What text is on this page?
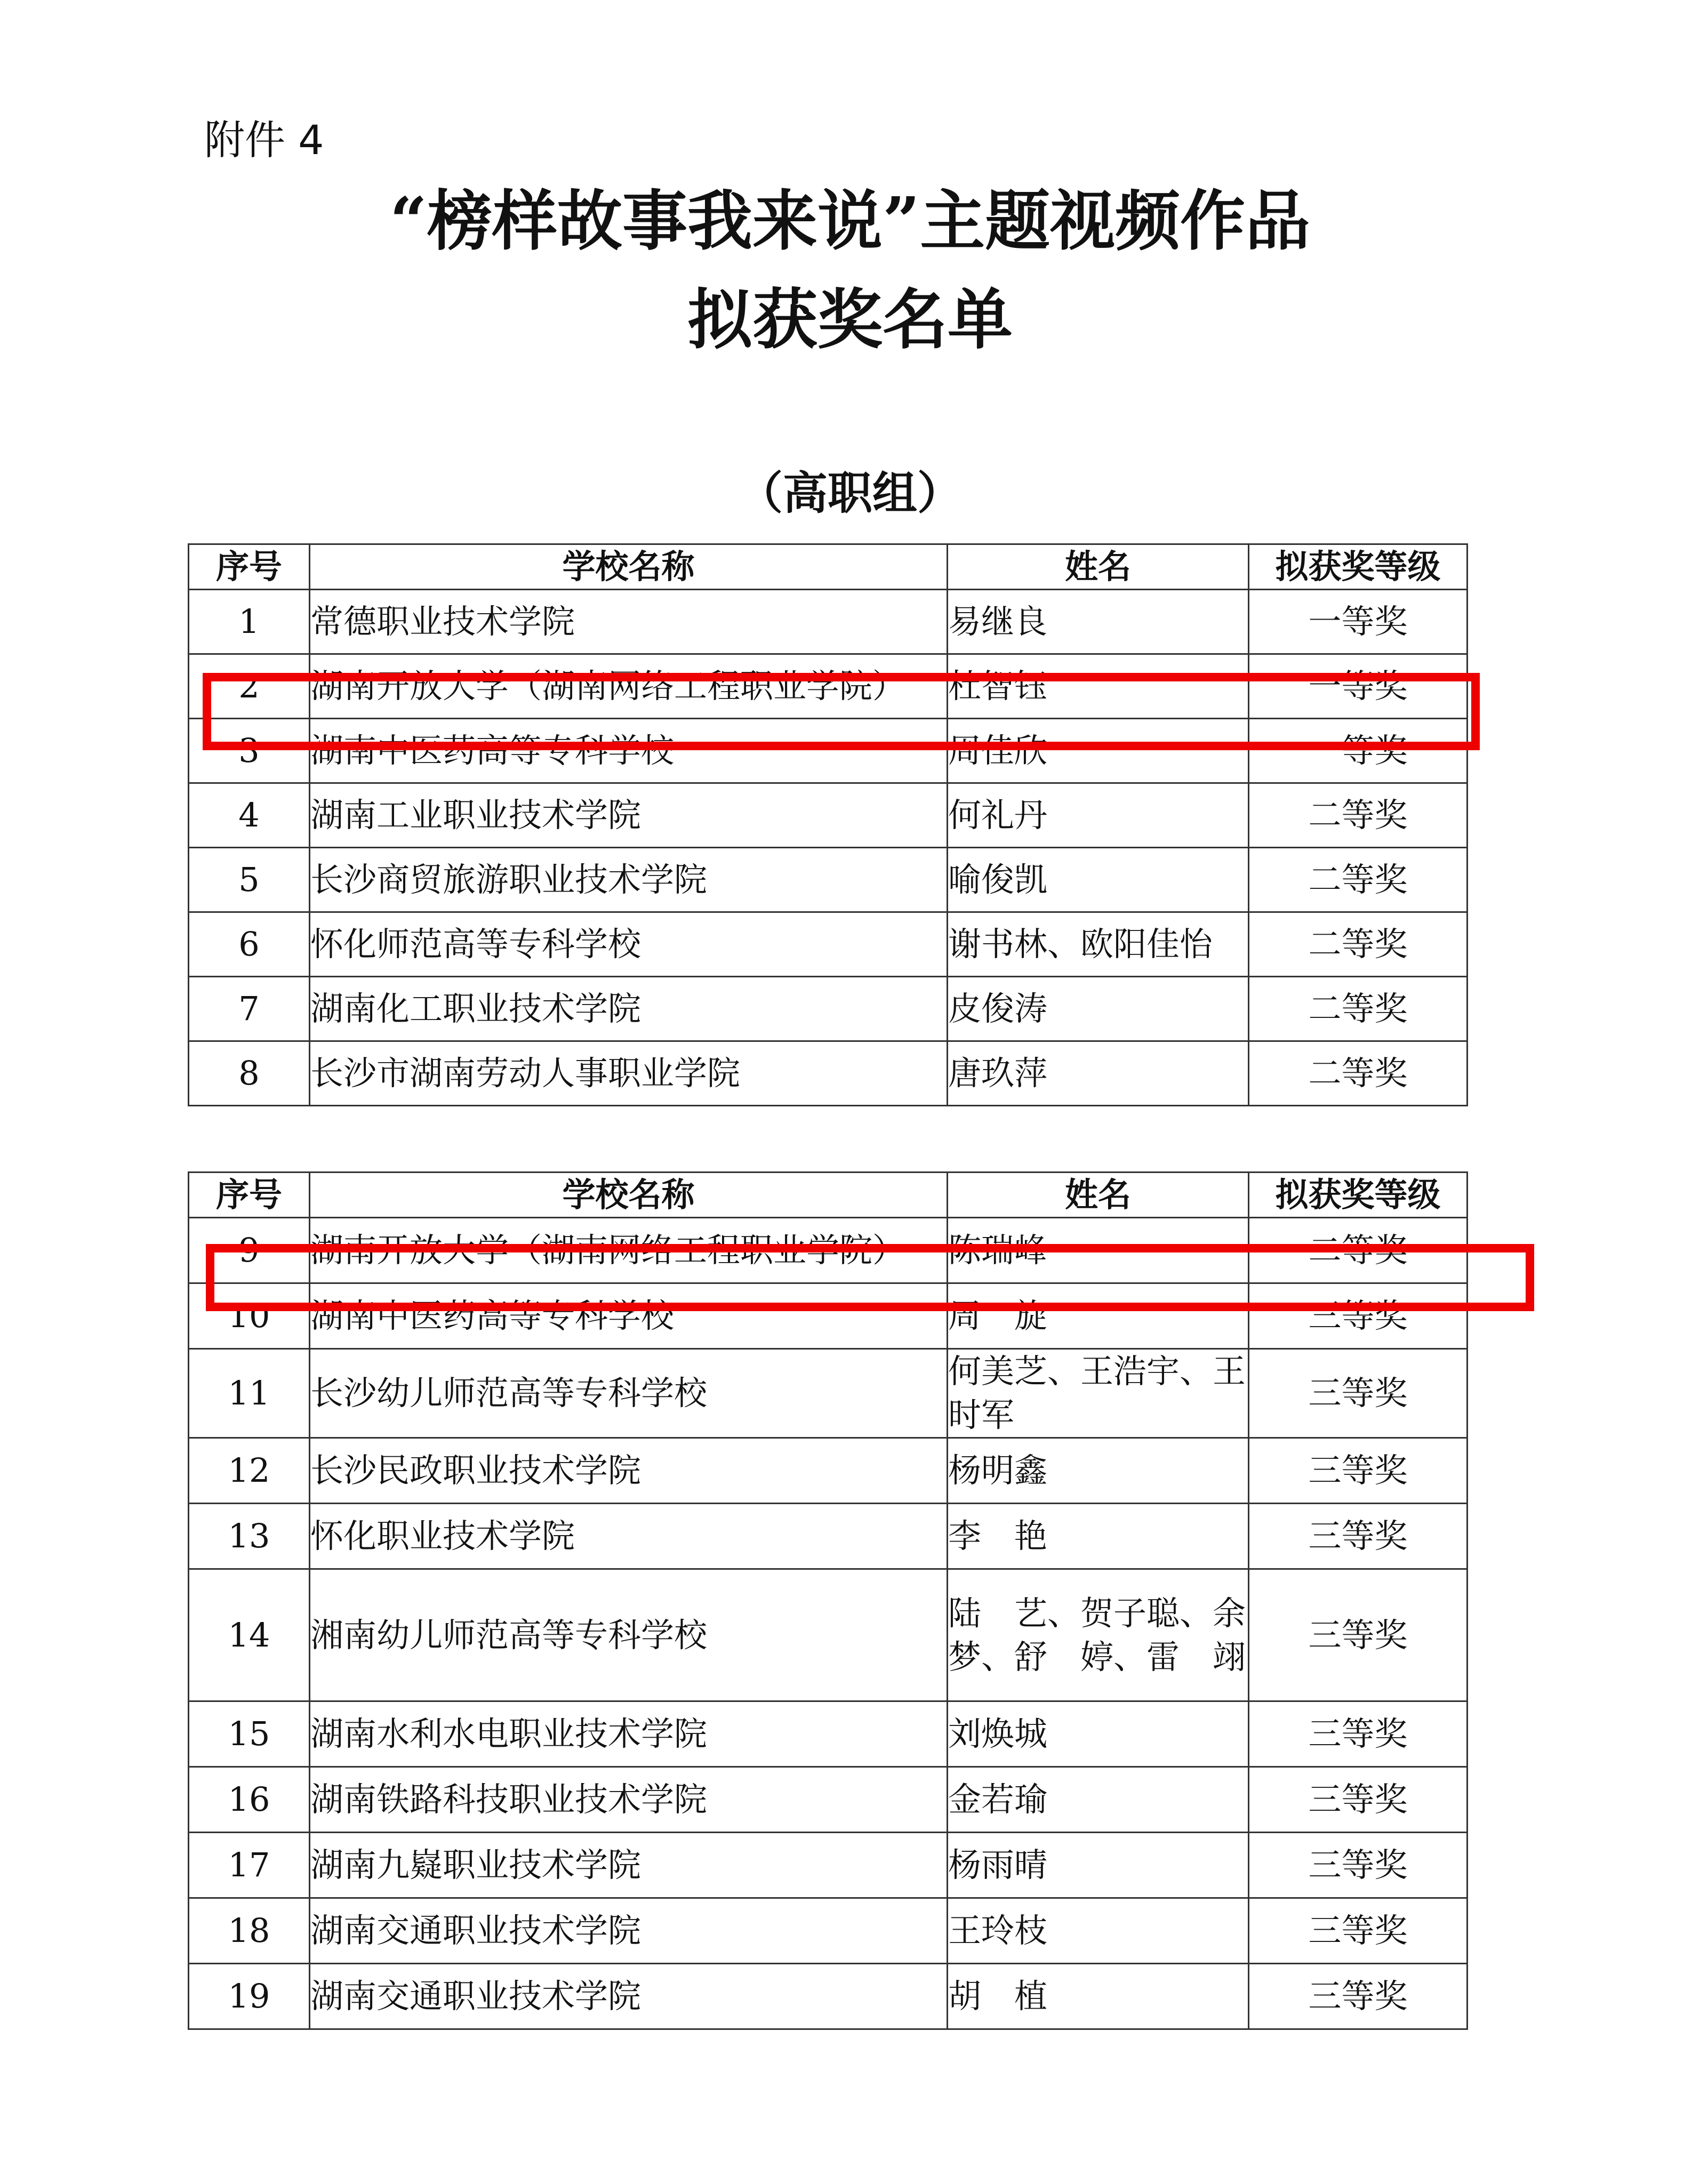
附件 4
“榜样故事我来说”主题视频作品
拟获奖名单
（高职组）
序号	学校名称	姓名	拟获奖等级
1	常德职业技术学院	易继良	一等奖
2	湖南开放大学（湖南网络工程职业学院）	杜智钰	一等奖
3	湖南中医药高等专科学校	周佳欣	一等奖
4	湖南工业职业技术学院	何礼丹	二等奖
5	长沙商贸旅游职业技术学院	喻俊凯	二等奖
6	怀化师范高等专科学校	谢书林、欧阳佳怡	二等奖
7	湖南化工职业技术学院	皮俊涛	二等奖
8	长沙市湖南劳动人事职业学院	唐玖萍	二等奖
序号	学校名称	姓名	拟获奖等级
9	湖南开放大学（湖南网络工程职业学院）	陈瑞峰	二等奖
10	湖南中医药高等专科学校	周　旋	三等奖
11	长沙幼儿师范高等专科学校	何美芝、王浩宇、王时军	三等奖
12	长沙民政职业技术学院	杨明鑫	三等奖
13	怀化职业技术学院	李　艳	三等奖
14	湘南幼儿师范高等专科学校	陆　艺、贺子聪、余　梦、舒　婷、雷　翊	三等奖
15	湖南水利水电职业技术学院	刘焕城	三等奖
16	湖南铁路科技职业技术学院	金若瑜	三等奖
17	湖南九嶷职业技术学院	杨雨晴	三等奖
18	湖南交通职业技术学院	王玲枝	三等奖
19	湖南交通职业技术学院	胡　植	三等奖
